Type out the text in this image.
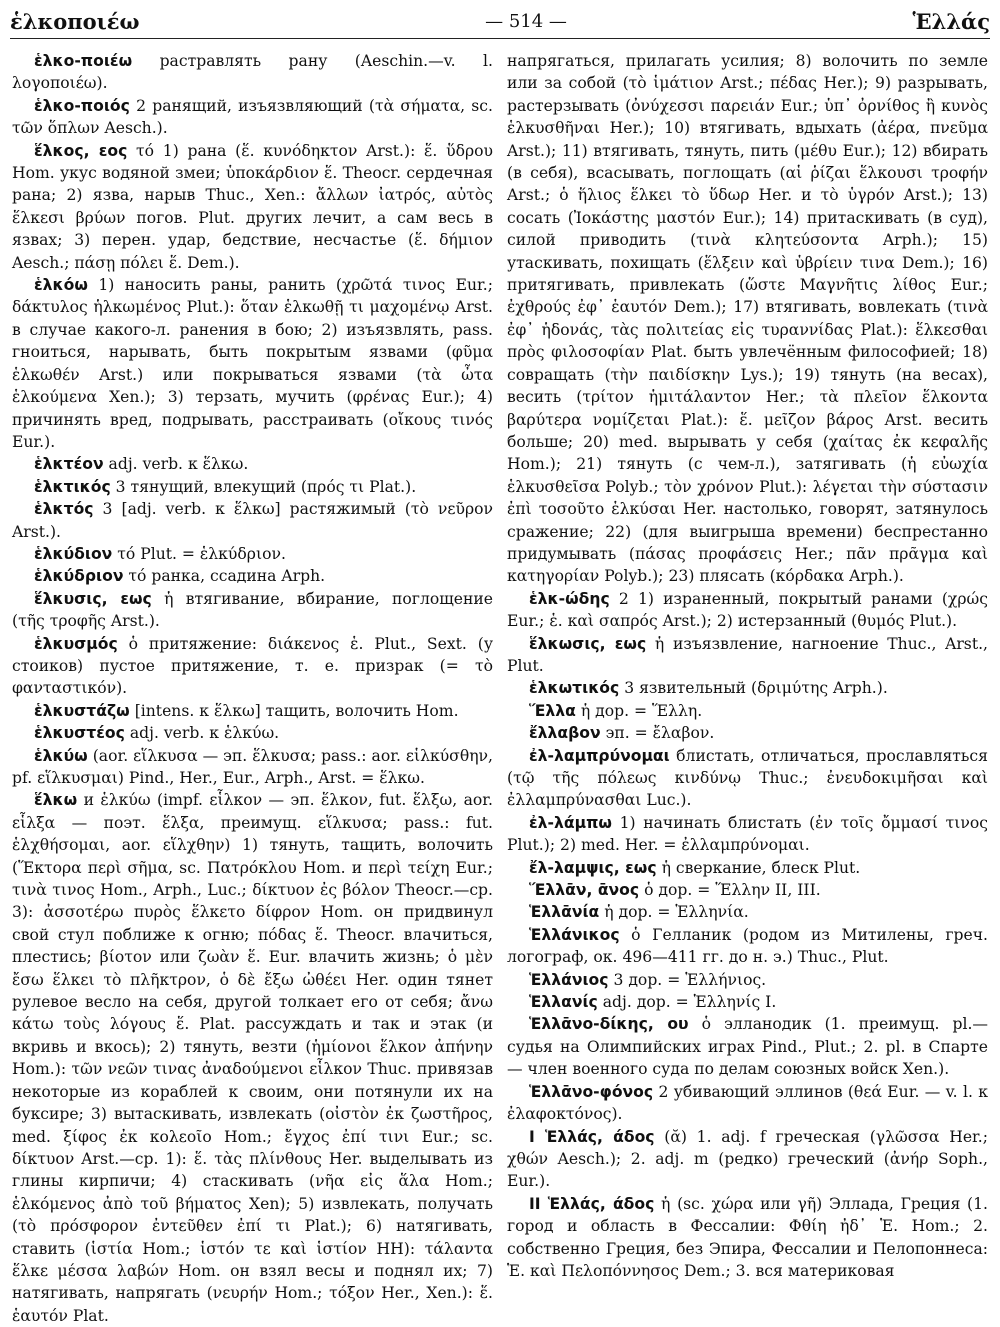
ἑλκοποιέω	— 514 —	Ἑλλάς

ἑλκο-ποιέω растравлять рану (Aeschin.—v. l. λογοποιέω).

ἑλκο-ποιός 2 ранящий, изъязвляющий (τὰ σήματα, sc. τῶν ὅπλων Aesch.).

ἕλκος, εος τό 1) рана (ἕ. κυνόδηκτον Arst.): ἕ. ὕδρου Hom. укус водяной змеи; ὑποκάρδιον ἕ. Theocr. сердечная рана; 2) язва, нарыв Thuc., Xen.: ἄλλων ἰατρός, αὐτὸς ἕλκεσι βρύων погов. Plut. других лечит, а сам весь в язвах; 3) перен. удар, бедствие, несчастье (ἕ. δήμιον Aesch.; πάσῃ πόλει ἕ. Dem.).

ἑλκόω 1) наносить раны, ранить (χρῶτά τινος Eur.; δάκτυλος ἡλκωμένος Plut.): ὅταν ἑλκωθῇ τι μαχομένῳ Arst. в случае какого-л. ранения в бою; 2) изъязвлять, pass. гноиться, нарывать, быть покрытым язвами (φῦμα ἑλκωθέν Arst.) или покрываться язвами (τὰ ὦτα ἑλκούμενα Xen.); 3) терзать, мучить (φρένας Eur.); 4) причинять вред, подрывать, расстраивать (οἴκους τινός Eur.).

ἑλκτέον adj. verb. к ἕλκω.

ἑλκτικός 3 тянущий, влекущий (πρός τι Plat.).

ἑλκτός 3 [adj. verb. к ἕλκω] растяжимый (τὸ νεῦρον Arst.).

ἑλκύδιον τό Plut. = ἑλκύδριον.

ἑλκύδριον τό ранка, ссадина Arph.

ἕλκυσις, εως ἡ втягивание, вбирание, поглощение (τῆς τροφῆς Arst.).

ἑλκυσμός ὁ притяжение: διάκενος ἑ. Plut., Sext. (у стоиков) пустое притяжение, т. е. призрак (= τὸ φανταστικόν).

ἑλκυστάζω [intens. к ἕλκω] тащить, волочить Hom.

ἑλκυστέος adj. verb. к ἑλκύω.

ἑλκύω (aor. εἵλκυσα — эп. ἕλκυσα; pass.: aor. εἱλκύσθην, pf. εἵλκυσμαι) Pind., Her., Eur., Arph., Arst. = ἕλκω.

ἕλκω и ἑλκύω (impf. εἷλκον — эп. ἕλκον, fut. ἕλξω, aor. εἷλξα — поэт. ἕλξα, преимущ. εἵλκυσα; pass.: fut. ἑλχθήσομαι, aor. εἵλχθην) 1) тянуть, тащить, волочить (Ἕκτορα περὶ σῆμα, sc. Πατρόκλου Hom. и περὶ τείχη Eur.; τινὰ τινος Hom., Arph., Luc.; δίκτυον ἐς βόλον Theocr.—ср. 3): ἀσσοτέρω πυρὸς ἕλκετο δίφρον Hom. он придвинул свой стул поближе к огню; πόδας ἕ. Theocr. влачиться, плестись; βίοτον или ζωὰν ἕ. Eur. влачить жизнь; ὁ μὲν ἔσω ἕλκει τὸ πλῆκτρον, ὁ δὲ ἔξω ὠθέει Her. один тянет рулевое весло на себя, другой толкает его от себя; ἄνω κάτω τοὺς λόγους ἕ. Plat. рассуждать и так и этак (и вкривь и вкось); 2) тянуть, везти (ἡμίονοι ἕλκον ἀπήνην Hom.): τῶν νεῶν τινας ἀναδούμενοι εἷλκον Thuc. привязав некоторые из кораблей к своим, они потянули их на буксире; 3) вытаскивать, извлекать (οἰστὸν ἐκ ζωστῆρος, med. ξίφος ἐκ κολεοῖο Hom.; ἔγχος ἐπί τινι Eur.; sc. δίκτυον Arst.—ср. 1): ἕ. τὰς πλίνθους Her. выделывать из глины кирпичи; 4) стаскивать (νῆα εἰς ἅλα Hom.; ἑλκόμενος ἀπὸ τοῦ βήματος Xen); 5) извлекать, получать (τὸ πρόσφορον ἐντεῦθεν ἐπί τι Plat.); 6) натягивать, ставить (ἱστία Hom.; ἱστόν τε καὶ ἱστίον HH): τάλαντα ἕλκε μέσσα λαβών Hom. он взял весы и поднял их; 7) натягивать, напрягать (νευρήν Hom.; τόξον Her., Xen.): ἕ. ἑαυτόν Plat.

напрягаться, прилагать усилия; 8) волочить по земле или за собой (τὸ ἱμάτιον Arst.; πέδας Her.); 9) разрывать, растерзывать (ὀνύχεσσι παρειάν Eur.; ὑπ᾽ ὀρνίθος ἢ κυνὸς ἑλκυσθῆναι Her.); 10) втягивать, вдыхать (ἀέρα, πνεῦμα Arst.); 11) втягивать, тянуть, пить (μέθυ Eur.); 12) вбирать (в себя), всасывать, поглощать (αἱ ῥίζαι ἕλκουσι τροφήν Arst.; ὁ ἥλιος ἕλκει τὸ ὕδωρ Her. и τὸ ὑγρόν Arst.); 13) сосать (Ἰοκάστης μαστόν Eur.); 14) притаскивать (в суд), силой приводить (τινὰ κλητεύσοντα Arph.); 15) утаскивать, похищать (ἕλξειν καὶ ὑβρίειν τινα Dem.); 16) притягивать, привлекать (ὥστε Μαγνῆτις λίθος Eur.; ἐχθρούς ἐφ᾽ ἑαυτόν Dem.); 17) втягивать, вовлекать (τινὰ ἐφ᾽ ἡδονάς, τὰς πολιτείας εἰς τυραννίδας Plat.): ἕλκεσθαι πρὸς φιλοσοφίαν Plat. быть увлечённым философией; 18) совращать (τὴν παιδίσκην Lys.); 19) тянуть (на весах), весить (τρίτον ἡμιτάλαντον Her.; τὰ πλεῖον ἕλκοντα βαρύτερα νομίζεται Plat.): ἕ. μεῖζον βάρος Arst. весить больше; 20) med. вырывать у себя (χαίτας ἐκ κεφαλῆς Hom.); 21) тянуть (с чем-л.), затягивать (ἡ εὐωχία ἑλκυσθεῖσα Polyb.; τὸν χρόνον Plut.): λέγεται τὴν σύστασιν ἐπὶ τοσοῦτο ἑλκύσαι Her. настолько, говорят, затянулось сражение; 22) (для выигрыша времени) беспрестанно придумывать (πάσας προφάσεις Her.; πᾶν πρᾶγμα καὶ κατηγορίαν Polyb.); 23) плясать (κόρδακα Arph.).

ἑλκ-ώδης 2 1) израненный, покрытый ранами (χρώς Eur.; ἑ. καὶ σαπρός Arst.); 2) истерзанный (θυμός Plut.).

ἕλκωσις, εως ἡ изъязвление, нагноение Thuc., Arst., Plut.

ἑλκωτικός 3 язвительный (δριμύτης Arph.).

Ἕλλα ἡ дор. = Ἕλλη.

ἔλλαβον эп. = ἔλαβον.

ἐλ-λαμπρύνομαι блистать, отличаться, прославляться (τῷ τῆς πόλεως κινδύνῳ Thuc.; ἐνευδοκιμῆσαι καὶ ἐλλαμπρύνασθαι Luc.).

ἐλ-λάμπω 1) начинать блистать (ἐν τοῖς ὄμμασί τινος Plut.); 2) med. Her. = ἐλλαμπρύνομαι.

ἔλ-λαμψις, εως ἡ сверкание, блеск Plut.

Ἕλλᾱν, ᾱνος ὁ дор. = Ἕλλην II, III.

Ἑλλᾱνία ἡ дор. = Ἑλληνία.

Ἑλλάνικος ὁ Гелланик (родом из Митилены, греч. логограф, ок. 496—411 гг. до н. э.) Thuc., Plut.

Ἑλλάνιος 3 дор. = Ἑλλήνιος.

Ἑλλανίς adj. дор. = Ἑλληνίς I.

Ἑλλᾱνο-δίκης, ου ὁ элланодик (1. преимущ. pl.— судья на Олимпийских играх Pind., Plut.; 2. pl. в Спарте — член военного суда по делам союзных войск Xen.).

Ἑλλᾱνο-φόνος 2 убивающий эллинов (θεά Eur. — v. l. κ ἐλαφοκτόνος).

I Ἑλλάς, άδος (ᾰ) 1. adj. f греческая (γλῶσσα Her.; χθών Aesch.); 2. adj. m (редко) греческий (ἀνήρ Soph., Eur.).

II Ἑλλάς, άδος ἡ (sc. χώρα или γῆ) Эллада, Греция (1. город и область в Фессалии: Φθίη ἠδ᾽ Ἑ. Hom.; 2. собственно Греция, без Эпира, Фессалии и Пелопоннеса: Ἑ. καὶ Πελοπόννησος Dem.; 3. вся материковая
